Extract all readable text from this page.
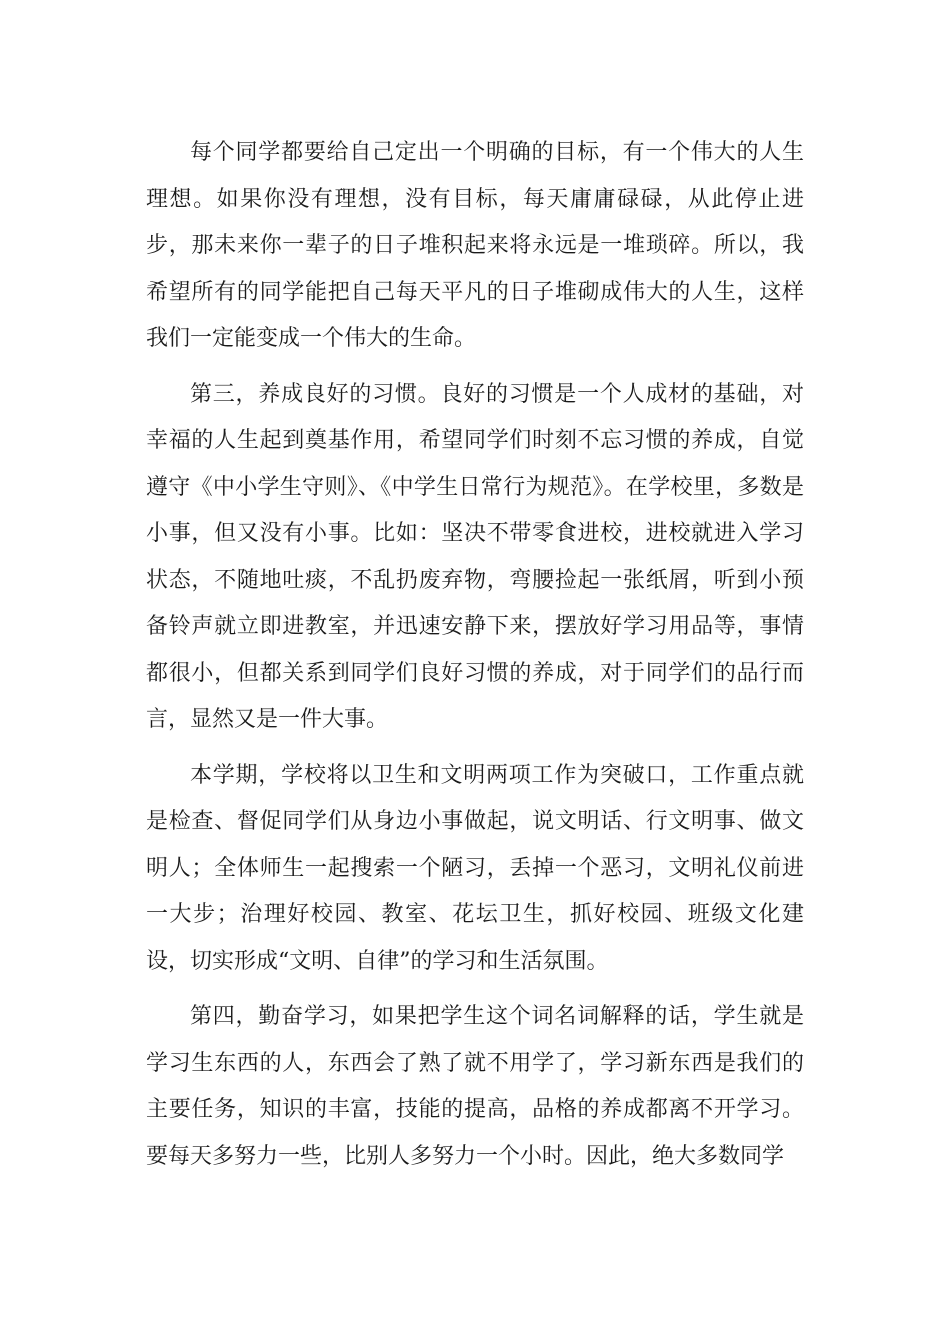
每个同学都要给自己定出一个明确的目标，有一个伟大的人生理想。如果你没有理想，没有目标，每天庸庸碌碌，从此停止进步，那未来你一辈子的日子堆积起来将永远是一堆琐碎。所以，我希望所有的同学能把自己每天平凡的日子堆砌成伟大的人生，这样我们一定能变成一个伟大的生命。

第三，养成良好的习惯。良好的习惯是一个人成材的基础，对幸福的人生起到奠基作用，希望同学们时刻不忘习惯的养成，自觉遵守《中小学生守则》、《中学生日常行为规范》。在学校里，多数是小事，但又没有小事。比如：坚决不带零食进校，进校就进入学习状态，不随地吐痰，不乱扔废弃物，弯腰捡起一张纸屑，听到小预备铃声就立即进教室，并迅速安静下来，摆放好学习用品等，事情都很小，但都关系到同学们良好习惯的养成，对于同学们的品行而言，显然又是一件大事。

本学期，学校将以卫生和文明两项工作为突破口，工作重点就是检查、督促同学们从身边小事做起，说文明话、行文明事、做文明人；全体师生一起搜索一个陋习，丢掉一个恶习，文明礼仪前进一大步；治理好校园、教室、花坛卫生，抓好校园、班级文化建设，切实形成“文明、自律”的学习和生活氛围。

第四，勤奋学习，如果把学生这个词名词解释的话，学生就是学习生东西的人，东西会了熟了就不用学了，学习新东西是我们的主要任务，知识的丰富，技能的提高，品格的养成都离不开学习。要每天多努力一些，比别人多努力一个小时。因此，绝大多数同学
